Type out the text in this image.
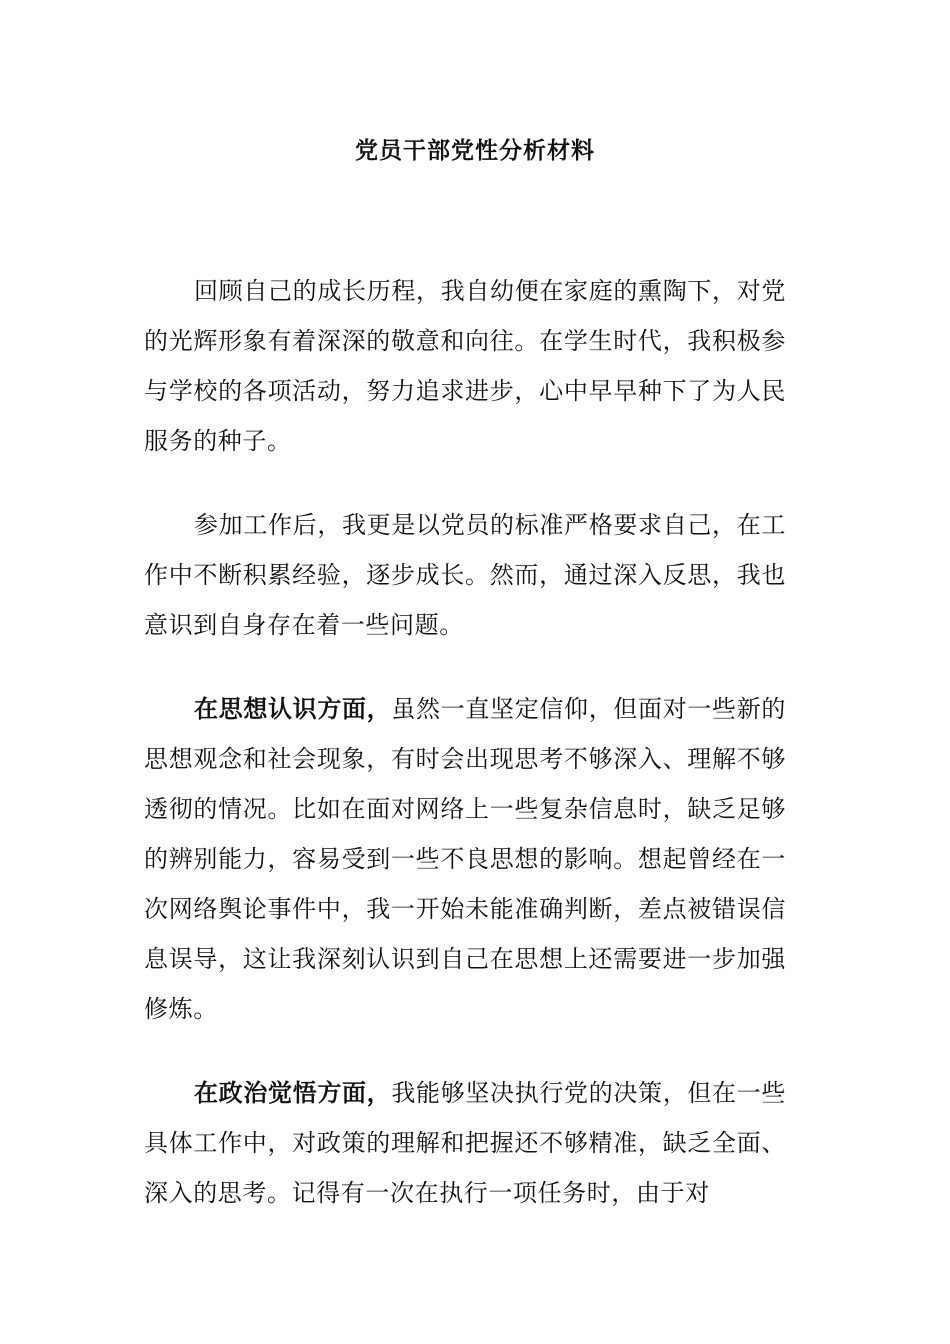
党员干部党性分析材料

回顾自己的成长历程，我自幼便在家庭的熏陶下，对党的光辉形象有着深深的敬意和向往。在学生时代，我积极参与学校的各项活动，努力追求进步，心中早早种下了为人民服务的种子。

参加工作后，我更是以党员的标准严格要求自己，在工作中不断积累经验，逐步成长。然而，通过深入反思，我也意识到自身存在着一些问题。

在思想认识方面，虽然一直坚定信仰，但面对一些新的思想观念和社会现象，有时会出现思考不够深入、理解不够透彻的情况。比如在面对网络上一些复杂信息时，缺乏足够的辨别能力，容易受到一些不良思想的影响。想起曾经在一次网络舆论事件中，我一开始未能准确判断，差点被错误信息误导，这让我深刻认识到自己在思想上还需要进一步加强修炼。

在政治觉悟方面，我能够坚决执行党的决策，但在一些具体工作中，对政策的理解和把握还不够精准，缺乏全面、深入的思考。记得有一次在执行一项任务时，由于对
